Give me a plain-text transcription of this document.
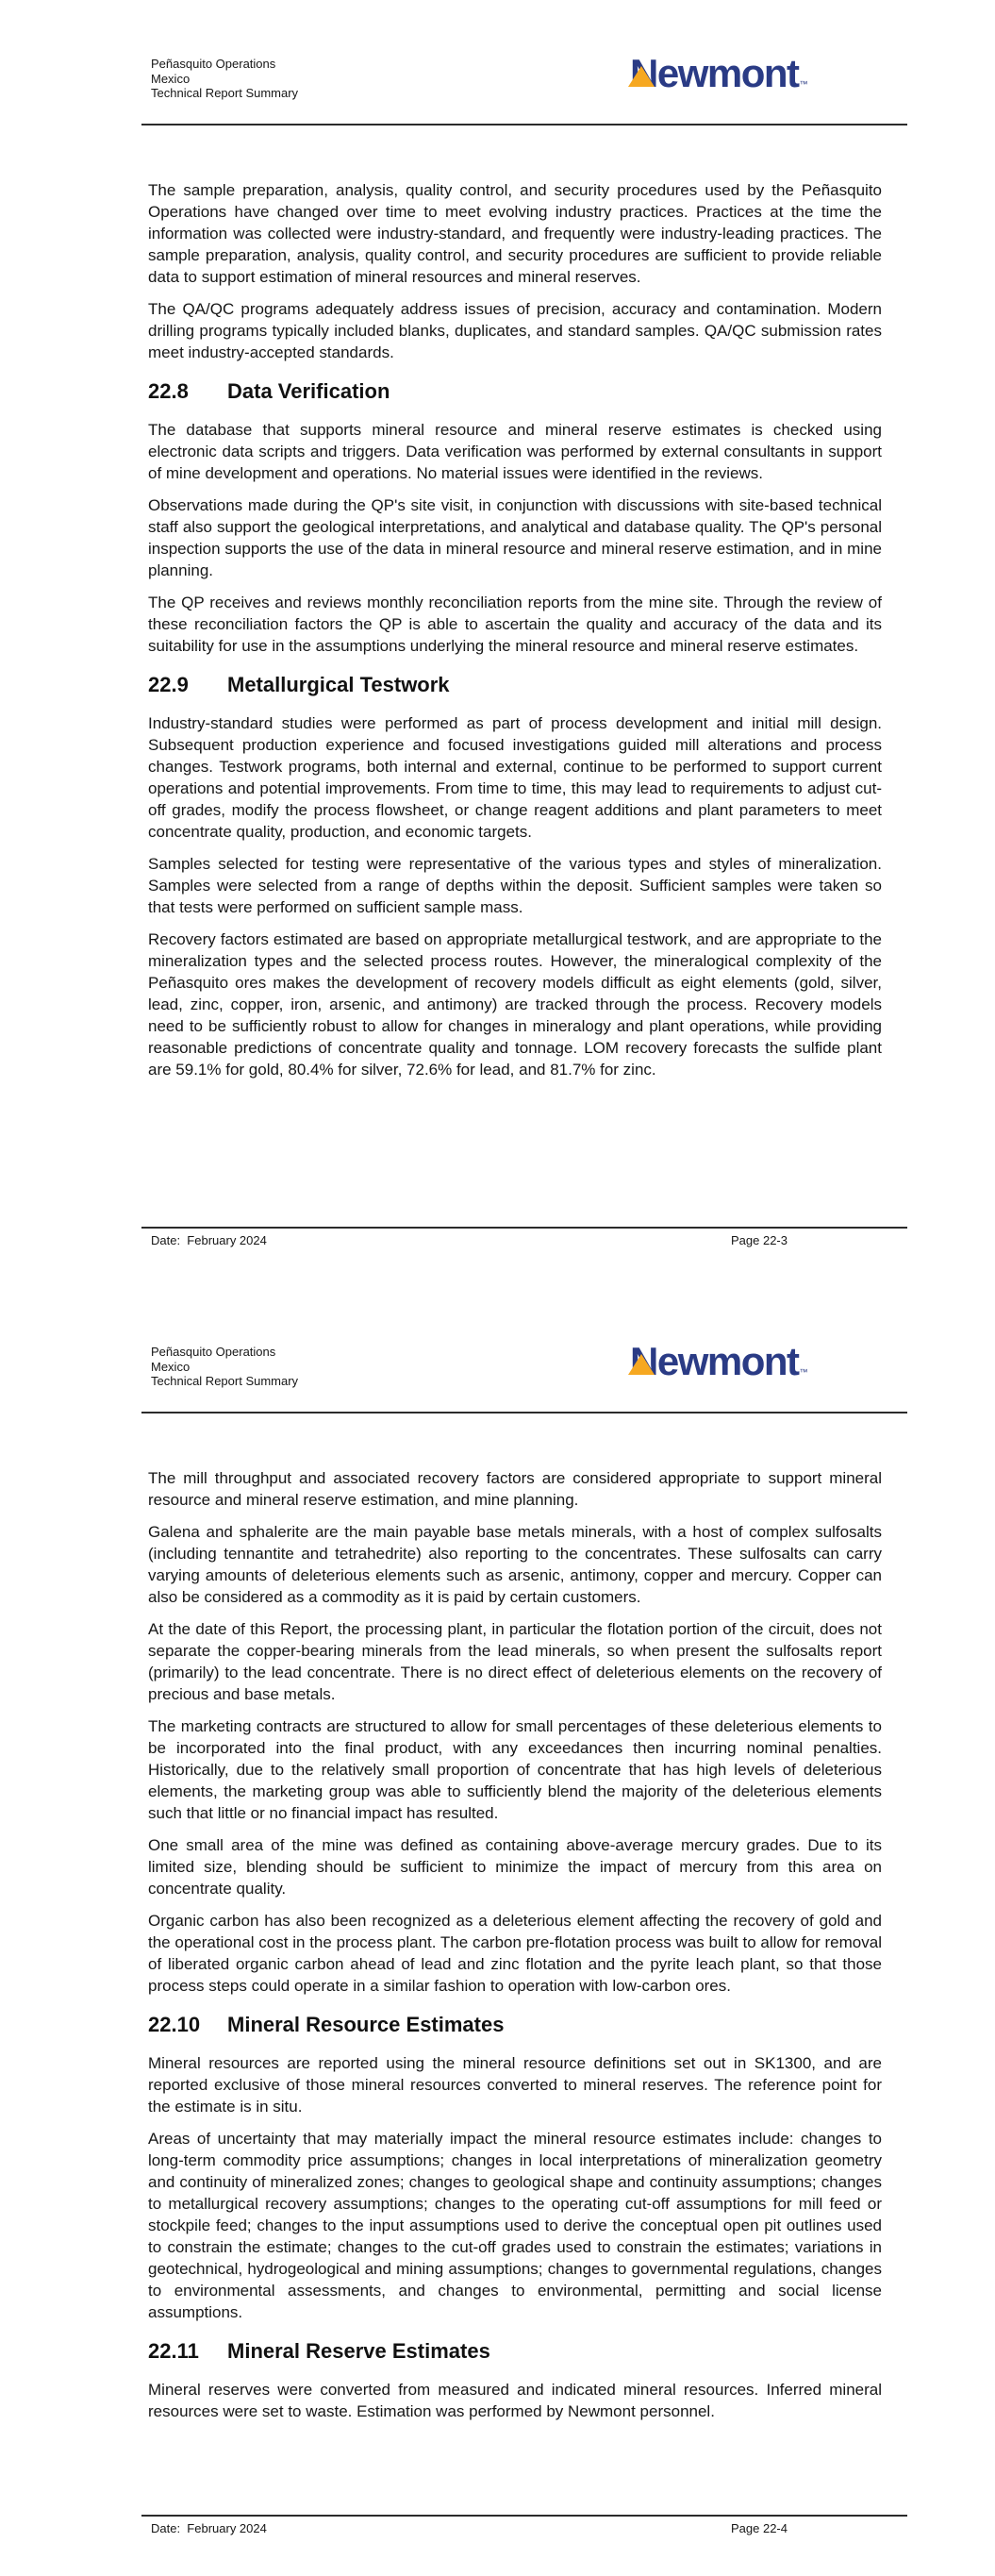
Peñasquito Operations
Mexico
Technical Report Summary	Newmont ™

The sample preparation, analysis, quality control, and security procedures used by the Peñasquito Operations have changed over time to meet evolving industry practices. Practices at the time the information was collected were industry-standard, and frequently were industry-leading practices. The sample preparation, analysis, quality control, and security procedures are sufficient to provide reliable data to support estimation of mineral resources and mineral reserves.

The QA/QC programs adequately address issues of precision, accuracy and contamination. Modern drilling programs typically included blanks, duplicates, and standard samples. QA/QC submission rates meet industry-accepted standards.

22.8 Data Verification

The database that supports mineral resource and mineral reserve estimates is checked using electronic data scripts and triggers. Data verification was performed by external consultants in support of mine development and operations. No material issues were identified in the reviews.

Observations made during the QP's site visit, in conjunction with discussions with site-based technical staff also support the geological interpretations, and analytical and database quality. The QP's personal inspection supports the use of the data in mineral resource and mineral reserve estimation, and in mine planning.

The QP receives and reviews monthly reconciliation reports from the mine site. Through the review of these reconciliation factors the QP is able to ascertain the quality and accuracy of the data and its suitability for use in the assumptions underlying the mineral resource and mineral reserve estimates.

22.9 Metallurgical Testwork

Industry-standard studies were performed as part of process development and initial mill design. Subsequent production experience and focused investigations guided mill alterations and process changes. Testwork programs, both internal and external, continue to be performed to support current operations and potential improvements. From time to time, this may lead to requirements to adjust cut-off grades, modify the process flowsheet, or change reagent additions and plant parameters to meet concentrate quality, production, and economic targets.

Samples selected for testing were representative of the various types and styles of mineralization. Samples were selected from a range of depths within the deposit. Sufficient samples were taken so that tests were performed on sufficient sample mass.

Recovery factors estimated are based on appropriate metallurgical testwork, and are appropriate to the mineralization types and the selected process routes. However, the mineralogical complexity of the Peñasquito ores makes the development of recovery models difficult as eight elements (gold, silver, lead, zinc, copper, iron, arsenic, and antimony) are tracked through the process. Recovery models need to be sufficiently robust to allow for changes in mineralogy and plant operations, while providing reasonable predictions of concentrate quality and tonnage. LOM recovery forecasts the sulfide plant are 59.1% for gold, 80.4% for silver, 72.6% for lead, and 81.7% for zinc.

Date:  February 2024	Page 22-3
Peñasquito Operations
Mexico
Technical Report Summary	Newmont ™

The mill throughput and associated recovery factors are considered appropriate to support mineral resource and mineral reserve estimation, and mine planning.

Galena and sphalerite are the main payable base metals minerals, with a host of complex sulfosalts (including tennantite and tetrahedrite) also reporting to the concentrates. These sulfosalts can carry varying amounts of deleterious elements such as arsenic, antimony, copper and mercury. Copper can also be considered as a commodity as it is paid by certain customers.

At the date of this Report, the processing plant, in particular the flotation portion of the circuit, does not separate the copper-bearing minerals from the lead minerals, so when present the sulfosalts report (primarily) to the lead concentrate. There is no direct effect of deleterious elements on the recovery of precious and base metals.

The marketing contracts are structured to allow for small percentages of these deleterious elements to be incorporated into the final product, with any exceedances then incurring nominal penalties. Historically, due to the relatively small proportion of concentrate that has high levels of deleterious elements, the marketing group was able to sufficiently blend the majority of the deleterious elements such that little or no financial impact has resulted.

One small area of the mine was defined as containing above-average mercury grades. Due to its limited size, blending should be sufficient to minimize the impact of mercury from this area on concentrate quality.

Organic carbon has also been recognized as a deleterious element affecting the recovery of gold and the operational cost in the process plant. The carbon pre-flotation process was built to allow for removal of liberated organic carbon ahead of lead and zinc flotation and the pyrite leach plant, so that those process steps could operate in a similar fashion to operation with low-carbon ores.

22.10 Mineral Resource Estimates

Mineral resources are reported using the mineral resource definitions set out in SK1300, and are reported exclusive of those mineral resources converted to mineral reserves. The reference point for the estimate is in situ.

Areas of uncertainty that may materially impact the mineral resource estimates include: changes to long-term commodity price assumptions; changes in local interpretations of mineralization geometry and continuity of mineralized zones; changes to geological shape and continuity assumptions; changes to metallurgical recovery assumptions; changes to the operating cut-off assumptions for mill feed or stockpile feed; changes to the input assumptions used to derive the conceptual open pit outlines used to constrain the estimate; changes to the cut-off grades used to constrain the estimates; variations in geotechnical, hydrogeological and mining assumptions; changes to governmental regulations, changes to environmental assessments, and changes to environmental, permitting and social license assumptions.

22.11 Mineral Reserve Estimates

Mineral reserves were converted from measured and indicated mineral resources. Inferred mineral resources were set to waste. Estimation was performed by Newmont personnel.

Date:  February 2024	Page 22-4
